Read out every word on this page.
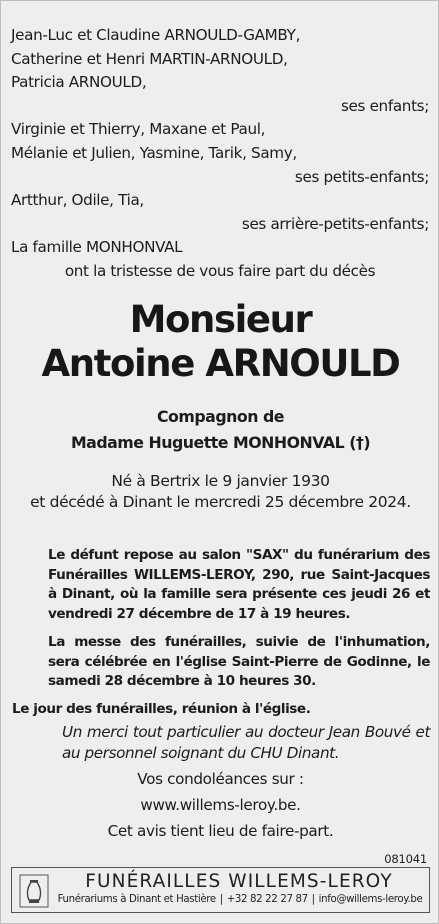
Jean-Luc et Claudine ARNOULD-GAMBY,
Catherine et Henri MARTIN-ARNOULD,
Patricia ARNOULD,
ses enfants;
Virginie et Thierry, Maxane et Paul,
Mélanie et Julien, Yasmine, Tarik, Samy,
ses petits-enfants;
Artthur, Odile, Tia,
ses arrière-petits-enfants;
La famille MONHONVAL
ont la tristesse de vous faire part du décès
Monsieur
Antoine ARNOULD
Compagnon de
Madame Huguette MONHONVAL (†)
Né à Bertrix le 9 janvier 1930
et décédé à Dinant le mercredi 25 décembre 2024.
Le défunt repose au salon "SAX" du funérarium des Funérailles WILLEMS-LEROY, 290, rue Saint-Jacques à Dinant, où la famille sera présente ces jeudi 26 et vendredi 27 décembre de 17 à 19 heures.
La messe des funérailles, suivie de l'inhumation, sera célébrée en l'église Saint-Pierre de Godinne, le samedi 28 décembre à 10 heures 30.
Le jour des funérailles, réunion à l'église.
Un merci tout particulier au docteur Jean Bouvé et au personnel soignant du CHU Dinant.
Vos condoléances sur :
www.willems-leroy.be.
Cet avis tient lieu de faire-part.
081041
FUNÉRAILLES WILLEMS-LEROY
Funérariums à Dinant et Hastière | +32 82 22 27 87 | info@willems-leroy.be
